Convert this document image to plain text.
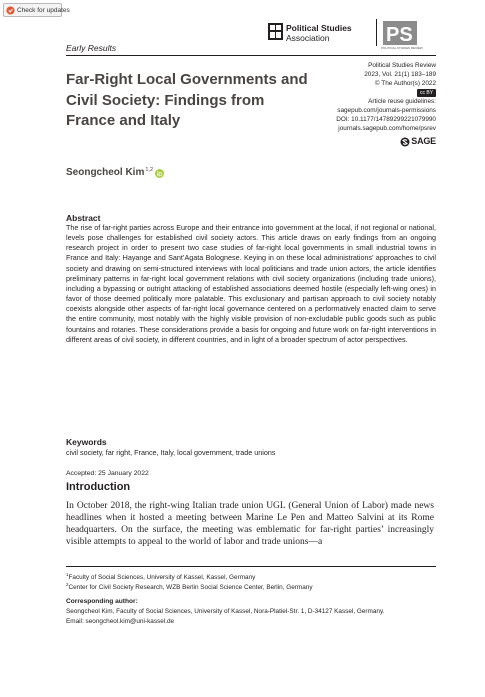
Check for updates
Political Studies
Association	PS
POLITICAL STUDIES REVIEW
Early Results
Far-Right Local Governments and Civil Society: Findings from France and Italy
Political Studies Review
2023, Vol. 21(1) 183–189
© The Author(s) 2022
cc BY
Article reuse guidelines:
sagepub.com/journals-permissions
DOI: 10.1177/14789299221079990
journals.sagepub.com/home/psrev
SAGE
Seongcheol Kim$^{1,2}$
Abstract

The rise of far-right parties across Europe and their entrance into government at the local, if not regional or national, levels pose challenges for established civil society actors. This article draws on early findings from an ongoing research project in order to present two case studies of far-right local governments in small industrial towns in France and Italy: Hayange and Sant’Agata Bolognese. Keying in on these local administrations’ approaches to civil society and drawing on semi-structured interviews with local politicians and trade union actors, the article identifies preliminary patterns in far-right local government relations with civil society organizations (including trade unions), including a bypassing or outright attacking of established associations deemed hostile (especially left-wing ones) in favor of those deemed politically more palatable. This exclusionary and partisan approach to civil society notably coexists alongside other aspects of far-right local governance centered on a performatively enacted claim to serve the entire community, most notably with the highly visible provision of non-excludable public goods such as public fountains and rotaries. These considerations provide a basis for ongoing and future work on far-right interventions in different areas of civil society, in different countries, and in light of a broader spectrum of actor perspectives.

Keywords
civil society, far right, France, Italy, local government, trade unions
Accepted: 25 January 2022
Introduction

In October 2018, the right-wing Italian trade union UGL (General Union of Labor) made news headlines when it hosted a meeting between Marine Le Pen and Matteo Salvini at its Rome headquarters. On the surface, the meeting was emblematic for far-right parties’ increasingly visible attempts to appeal to the world of labor and trade unions—a

$^1$Faculty of Social Sciences, University of Kassel, Kassel, Germany
$^2$Center for Civil Society Research, WZB Berlin Social Science Center, Berlin, Germany
Corresponding author:
Seongcheol Kim, Faculty of Social Sciences, University of Kassel, Nora-Platiel-Str. 1, D-34127 Kassel, Germany.
Email: seongcheol.kim@uni-kassel.de
